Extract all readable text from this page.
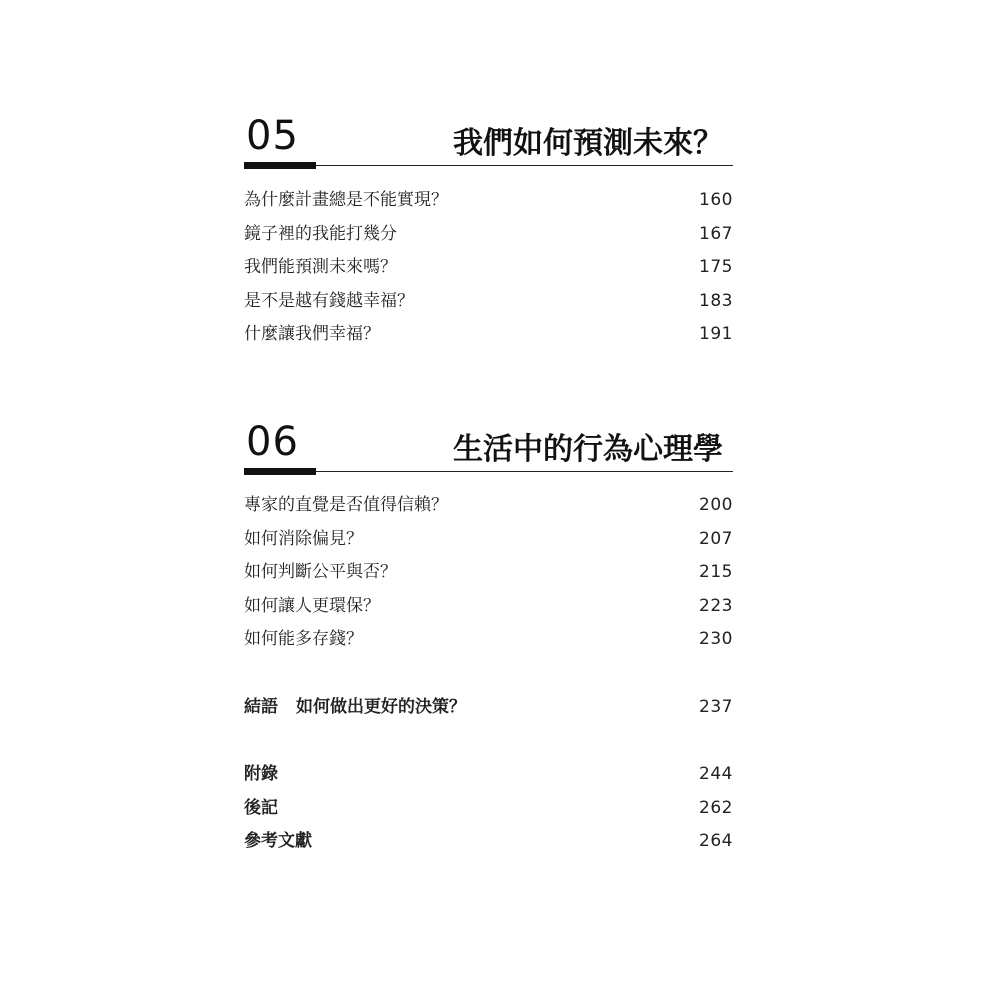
05	我們如何預測未來？
為什麼計畫總是不能實現？	160
鏡子裡的我能打幾分	167
我們能預測未來嗎？	175
是不是越有錢越幸福？	183
什麼讓我們幸福？	191
06	生活中的行為心理學
專家的直覺是否值得信賴？	200
如何消除偏見？	207
如何判斷公平與否？	215
如何讓人更環保？	223
如何能多存錢？	230
結語 如何做出更好的決策？	237
附錄	244
後記	262
參考文獻	264
